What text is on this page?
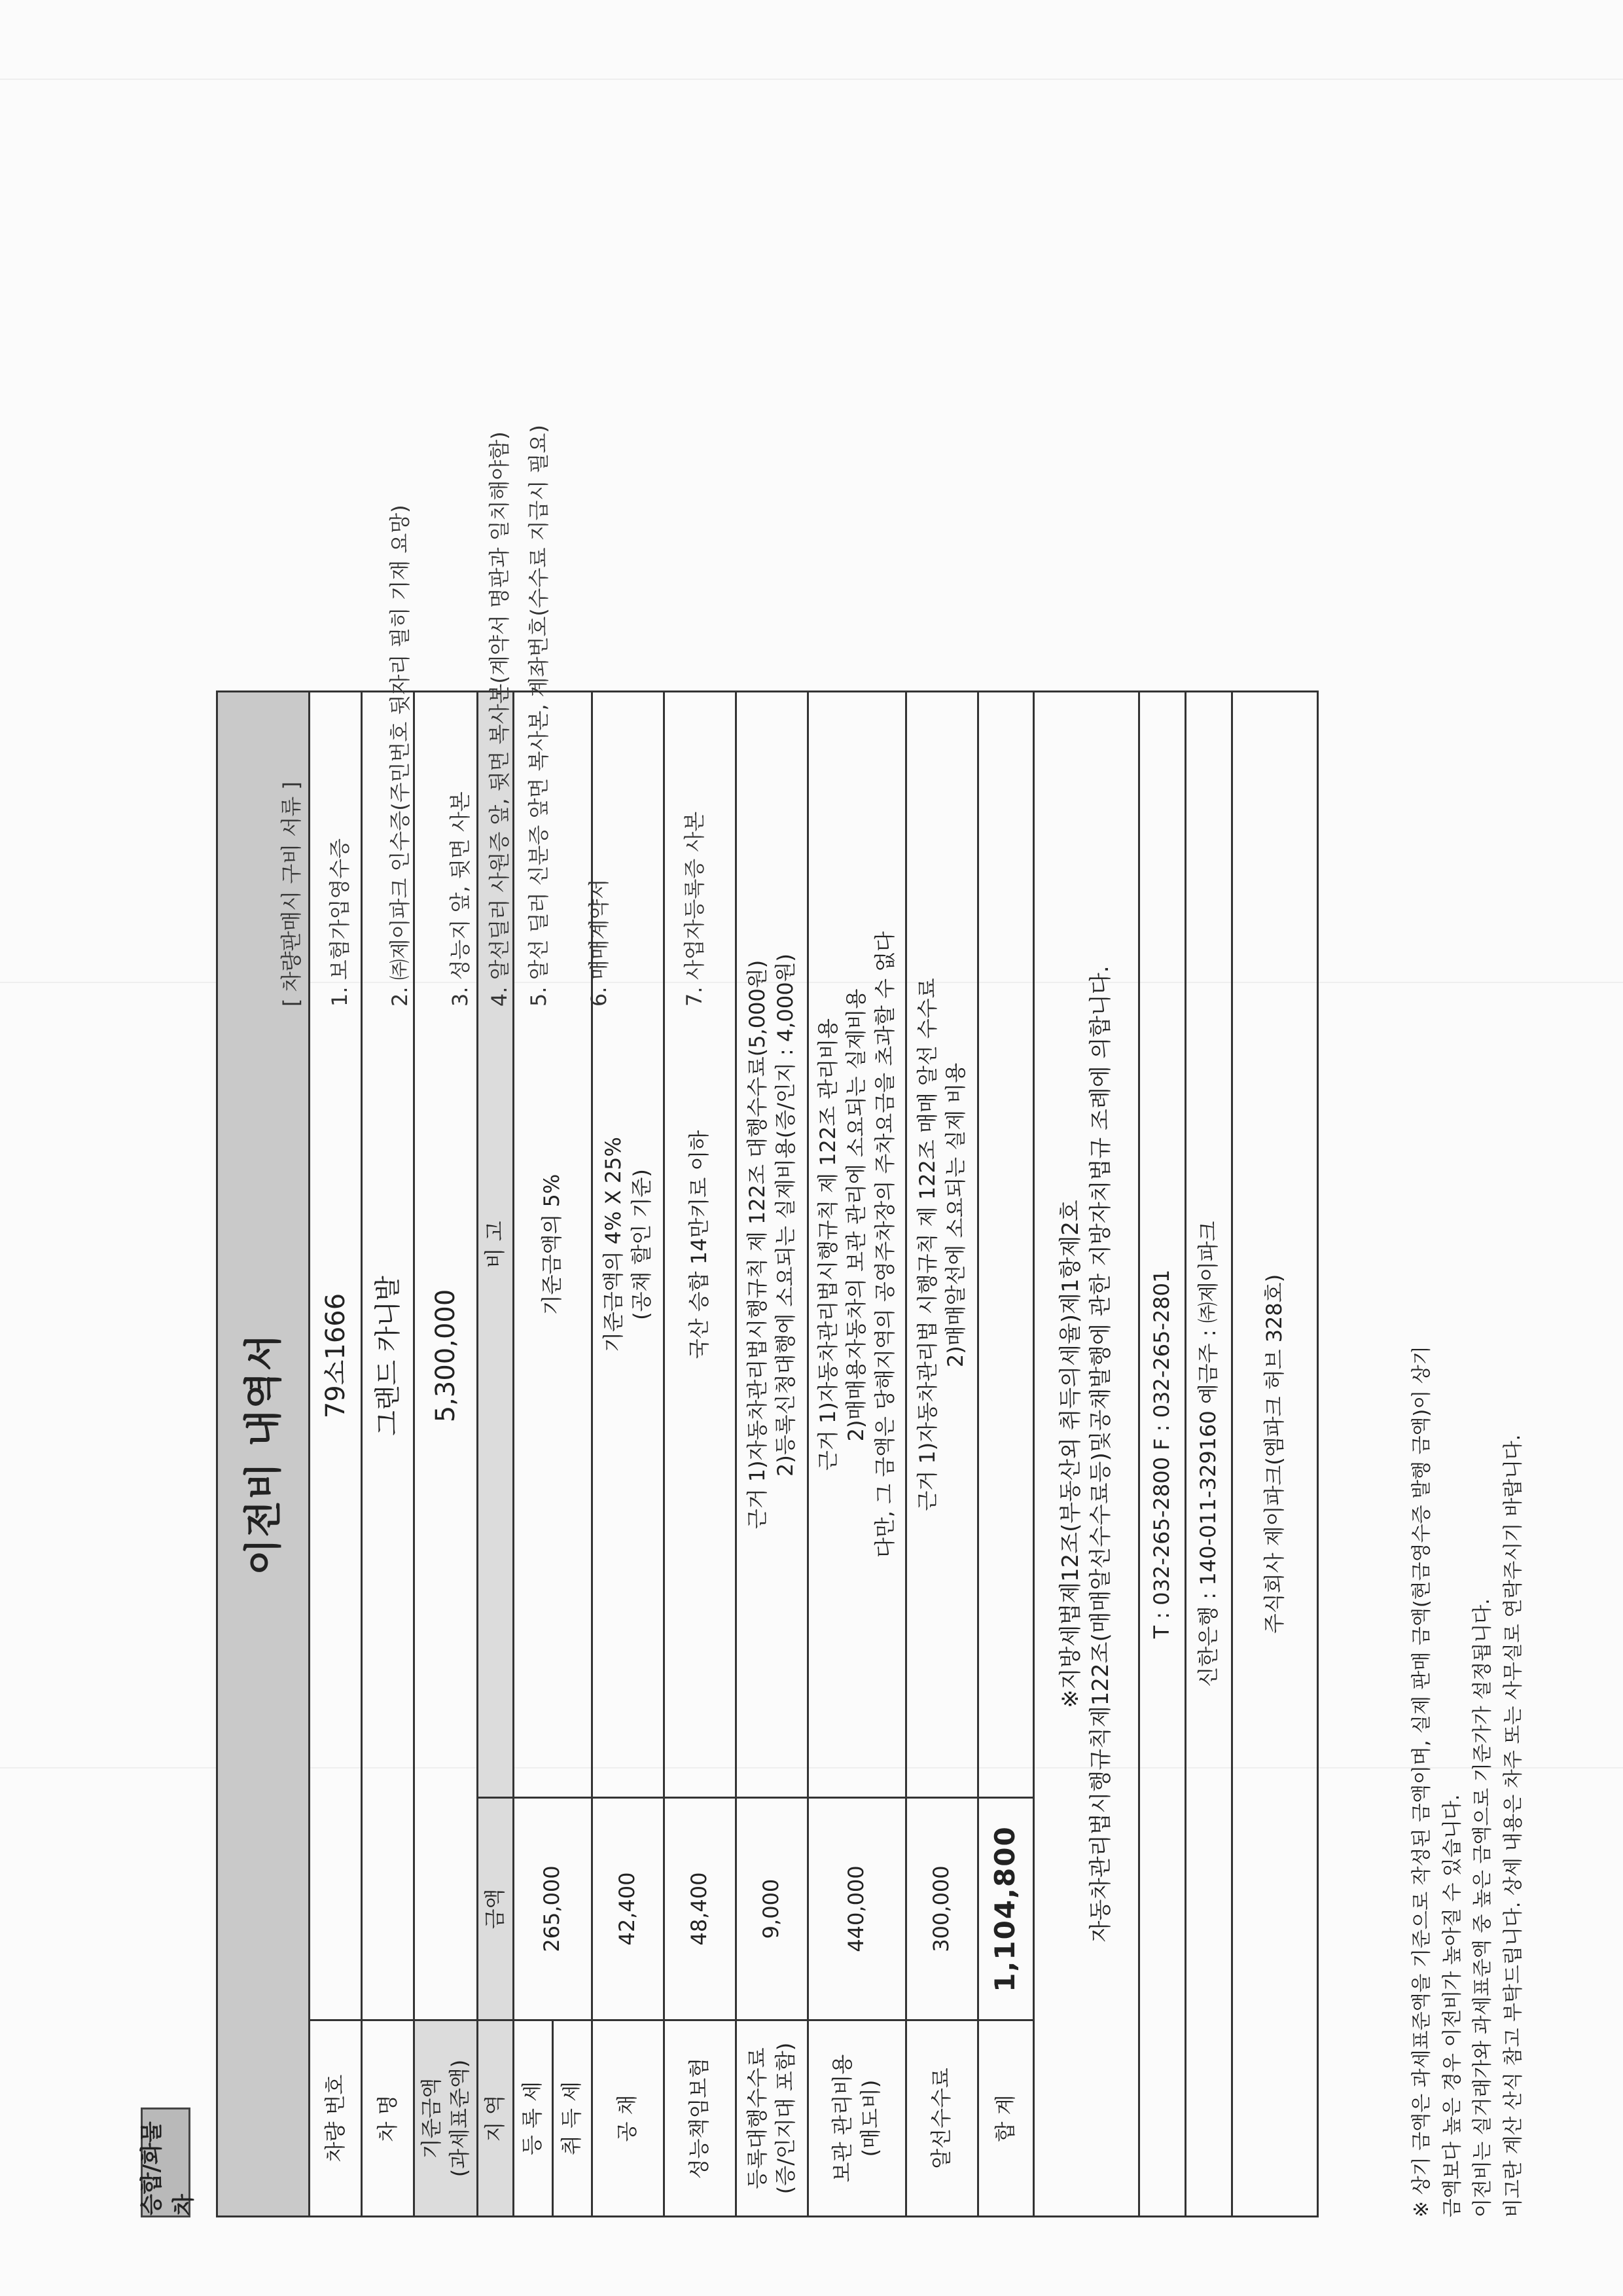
승합/화물차
이전비 내역서		
차량 번호	79소1666	
차 명	그랜드 카니발	

기준금액 (과세표준액)	5,300,000	
지 역	금액	비 고
등 록 세	265,000	기준금액의 5%
취 득 세		
공 채	42,400	기준금액의 4% X 25% (공채 할인 기준)

성능책임보험	48,400	국산 승합 14만키로 이하

등록대행수수료 (증/인지대 포함)	9,000	근거 1)자동차관리법시행규칙 제 122조 대행수수료(5,000원) 2)등록신청대행에 소요되는 실제비용(증/인지 : 4,000원)

보관 관리비용 (매도비)	440,000	근거 1)자동차관리법시행규칙 제 122조 관리비용 2)매매용자동차의 보관 관리에 소요되는 실제비용 다만, 그 금액은 당해지역의 공영주차장의 주차요금을 초과할 수 없다

알선수수료	300,000	근거 1)자동차관리법 시행규칙 제 122조 매매 알선 수수료 2)매매알선에 소요되는 실제 비용

합 계	1,104,800	

※지방세법제12조(부동산외 취득의세율)제1항제2호 자동차관리법시행규칙제122조(매매알선수수료등)및공채발행에 관한 지방자치법규 조례에 의합니다.		

T : 032-265-2800 F : 032-265-2801		
신한은행 : 140-011-329160 예금주 : ㈜제이파크		
주식회사 제이파크(엠파크 허브 328호)		
[ 차량판매시 구비 서류 ] 1. 보험가입영수증 2. ㈜제이파크 인수증(주민번호 뒷자리 필히 기재 요망) 3. 성능지 앞, 뒷면 사본 4. 알선딜러 사원증 앞, 뒷면 복사본(계약서 명판과 일치해야함) 5. 알선 딜러 신분증 앞면 복사본, 계좌번호(수수료 지급시 필요) 6. 매매계약서	7. 사업자등록증 사본
※ 상기 금액은 과세표준액을 기준으로 작성된 금액이며, 실제 판매 금액(현금영수증 발행 금액)이 상기 금액보다 높은 경우 이전비가 높아질 수 있습니다. 이전비는 실거래가와 과세표준액 중 높은 금액으로 기준가가 설정됩니다. 비고란 계산 산식 참고 부탁드립니다. 상세 내용은 차주 또는 사무실로 연락주시기 바랍니다.
